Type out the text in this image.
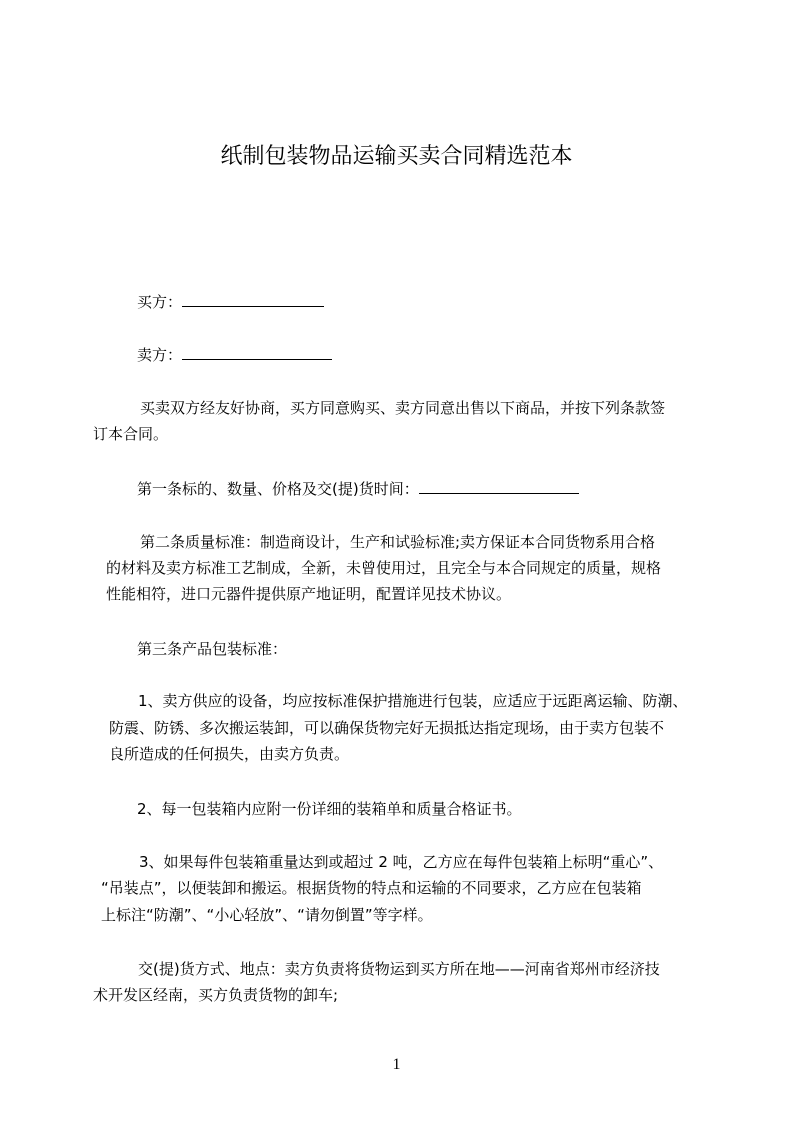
纸制包装物品运输买卖合同精选范本
买方：
卖方：
买卖双方经友好协商，买方同意购买、卖方同意出售以下商品，并按下列条款签
订本合同。
第一条标的、数量、价格及交(提)货时间：
第二条质量标准：制造商设计，生产和试验标准;卖方保证本合同货物系用合格
的材料及卖方标准工艺制成，全新，未曾使用过，且完全与本合同规定的质量，规格
性能相符，进口元器件提供原产地证明，配置详见技术协议。
第三条产品包装标准：
1、卖方供应的设备，均应按标准保护措施进行包装，应适应于远距离运输、防潮、
防震、防锈、多次搬运装卸，可以确保货物完好无损抵达指定现场，由于卖方包装不
良所造成的任何损失，由卖方负责。
2、每一包装箱内应附一份详细的装箱单和质量合格证书。
3、如果每件包装箱重量达到或超过 2 吨，乙方应在每件包装箱上标明“重心”、
“吊装点”，以便装卸和搬运。根据货物的特点和运输的不同要求，乙方应在包装箱
上标注“防潮”、“小心轻放”、“请勿倒置”等字样。
交(提)货方式、地点：卖方负责将货物运到买方所在地——河南省郑州市经济技
术开发区经南，买方负责货物的卸车;
1
